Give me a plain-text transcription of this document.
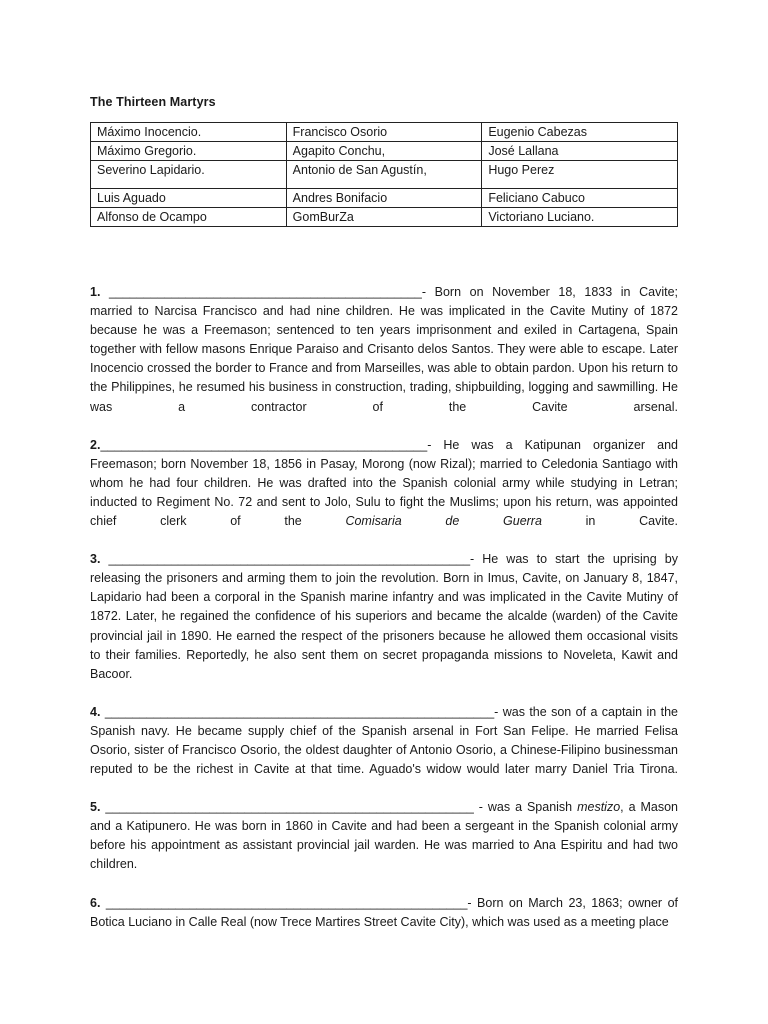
The Thirteen Martyrs
Máximo Inocencio.	Francisco Osorio	Eugenio Cabezas
Máximo Gregorio.	Agapito Conchu,	José Lallana
Severino Lapidario.	Antonio de San Agustín,	Hugo Perez
Luis Aguado	Andres Bonifacio	Feliciano Cabuco
Alfonso de Ocampo	GomBurZa	Victoriano Luciano.

1. _____________________________________________- Born on November 18, 1833 in Cavite; married to Narcisa Francisco and had nine children. He was implicated in the Cavite Mutiny of 1872 because he was a Freemason; sentenced to ten years imprisonment and exiled in Cartagena, Spain together with fellow masons Enrique Paraiso and Crisanto delos Santos. They were able to escape. Later Inocencio crossed the border to France and from Marseilles, was able to obtain pardon. Upon his return to the Philippines, he resumed his business in construction, trading, shipbuilding, logging and sawmilling. He was a contractor of the Cavite arsenal.

2._______________________________________________- He was a Katipunan organizer and Freemason; born November 18, 1856 in Pasay, Morong (now Rizal); married to Celedonia Santiago with whom he had four children. He was drafted into the Spanish colonial army while studying in Letran; inducted to Regiment No. 72 and sent to Jolo, Sulu to fight the Muslims; upon his return, was appointed chief clerk of the Comisaria de Guerra in Cavite.

3. ____________________________________________________- He was to start the uprising by releasing the prisoners and arming them to join the revolution. Born in Imus, Cavite, on January 8, 1847, Lapidario had been a corporal in the Spanish marine infantry and was implicated in the Cavite Mutiny of 1872. Later, he regained the confidence of his superiors and became the alcalde (warden) of the Cavite provincial jail in 1890. He earned the respect of the prisoners because he allowed them occasional visits to their families. Reportedly, he also sent them on secret propaganda missions to Noveleta, Kawit and Bacoor.

4. ________________________________________________________- was the son of a captain in the Spanish navy. He became supply chief of the Spanish arsenal in Fort San Felipe. He married Felisa Osorio, sister of Francisco Osorio, the oldest daughter of Antonio Osorio, a Chinese-Filipino businessman reputed to be the richest in Cavite at that time. Aguado's widow would later marry Daniel Tria Tirona.

5. _____________________________________________________ - was a Spanish mestizo, a Mason and a Katipunero. He was born in 1860 in Cavite and had been a sergeant in the Spanish colonial army before his appointment as assistant provincial jail warden. He was married to Ana Espiritu and had two children.

6. ____________________________________________________- Born on March 23, 1863; owner of Botica Luciano in Calle Real (now Trece Martires Street Cavite City), which was used as a meeting place
